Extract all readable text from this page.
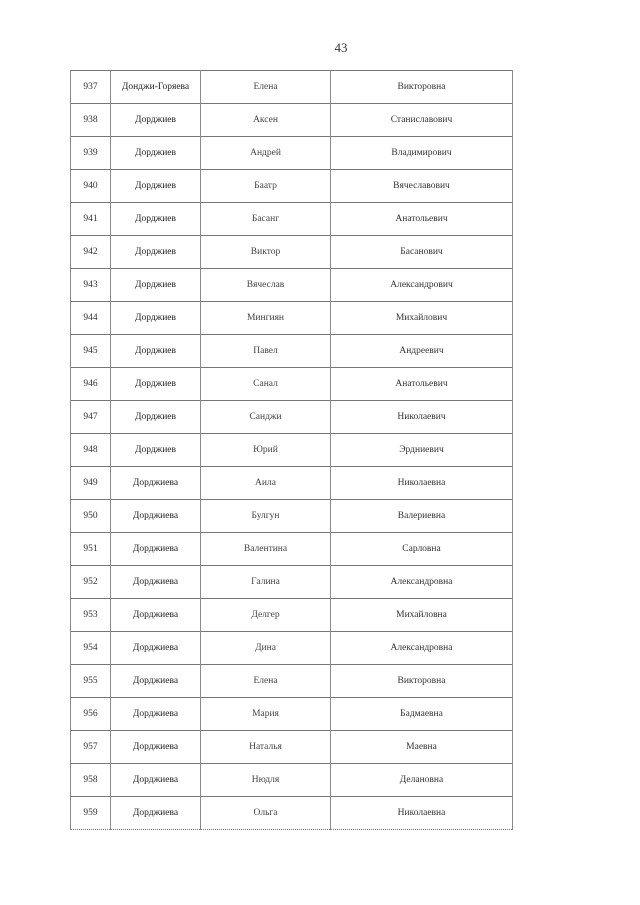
43
937	Донджи-Горяева	Елена	Викторовна
938	Дорджиев	Аксен	Станиславович
939	Дорджиев	Андрей	Владимирович
940	Дорджиев	Баатр	Вячеславович
941	Дорджиев	Басанг	Анатольевич
942	Дорджиев	Виктор	Басанович
943	Дорджиев	Вячеслав	Александрович
944	Дорджиев	Мингиян	Михайлович
945	Дорджиев	Павел	Андреевич
946	Дорджиев	Санал	Анатольевич
947	Дорджиев	Санджи	Николаевич
948	Дорджиев	Юрий	Эрдниевич
949	Дорджиева	Аила	Николаевна
950	Дорджиева	Булгун	Валериевна
951	Дорджиева	Валентина	Сарловна
952	Дорджиева	Галина	Александровна
953	Дорджиева	Делгер	Михайловна
954	Дорджиева	Дина	Александровна
955	Дорджиева	Елена	Викторовна
956	Дорджиева	Мария	Бадмаевна
957	Дорджиева	Наталья	Маевна
958	Дорджиева	Нюдля	Делановна
959	Дорджиева	Ольга	Николаевна
